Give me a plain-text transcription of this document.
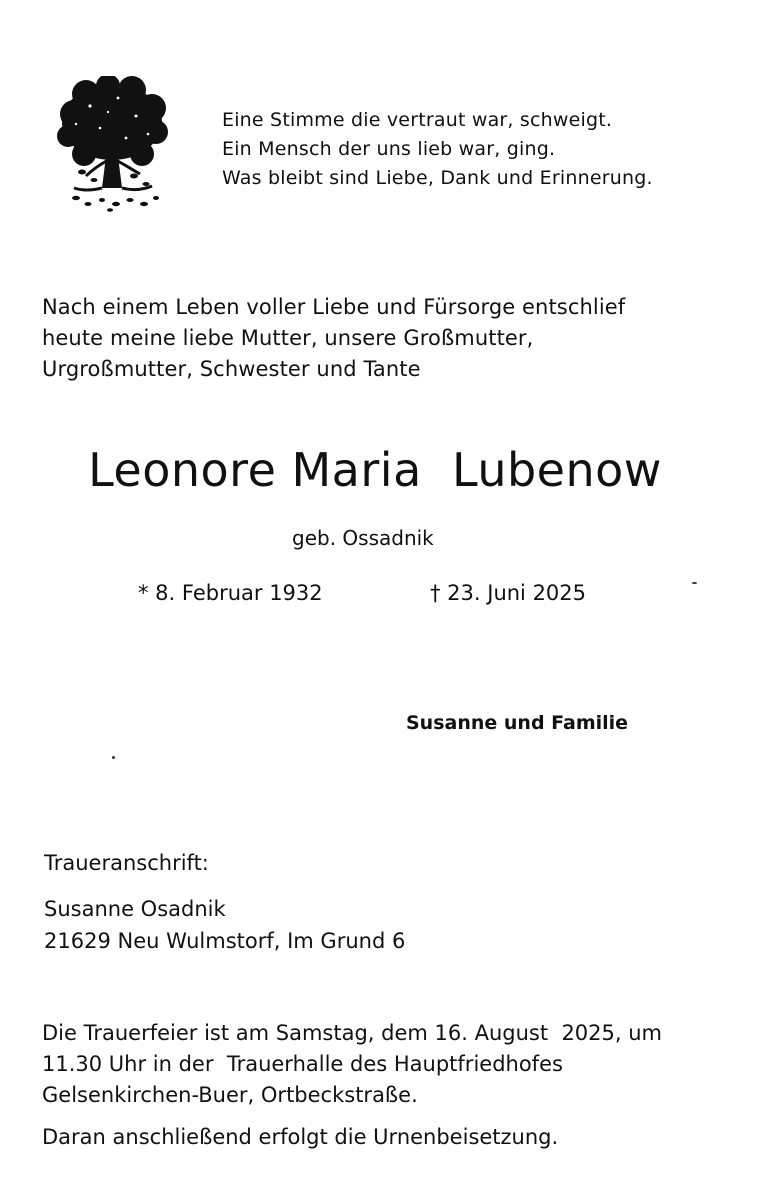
Eine Stimme die vertraut war, schweigt.
Ein Mensch der uns lieb war, ging.
Was bleibt sind Liebe, Dank und Erinnerung.
Nach einem Leben voller Liebe und Fürsorge entschlief
heute meine liebe Mutter, unsere Großmutter,
Urgroßmutter, Schwester und Tante
Leonore Maria  Lubenow
geb. Ossadnik
* 8. Februar 1932	† 23. Juni 2025
Susanne und Familie
Traueranschrift:
Susanne Osadnik
21629 Neu Wulmstorf, Im Grund 6
Die Trauerfeier ist am Samstag, dem 16. August  2025, um
11.30 Uhr in der  Trauerhalle des Hauptfriedhofes
Gelsenkirchen-Buer, Ortbeckstraße.
Daran anschließend erfolgt die Urnenbeisetzung.
